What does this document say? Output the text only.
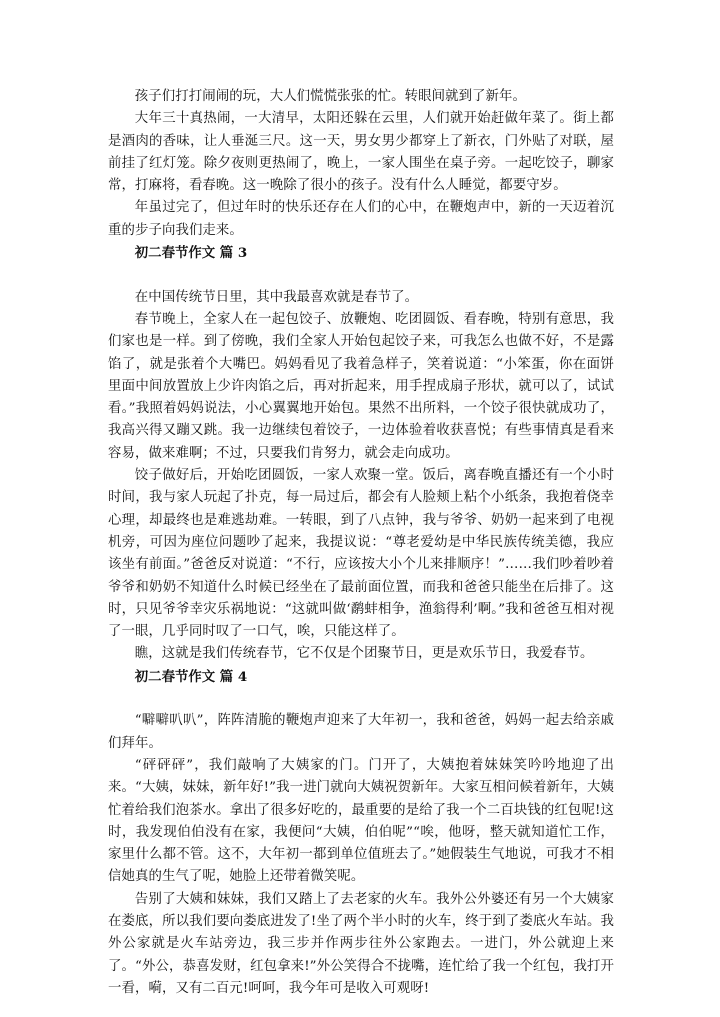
孩子们打打闹闹的玩，大人们慌慌张张的忙。转眼间就到了新年。

大年三十真热闹，一大清早，太阳还躲在云里，人们就开始赶做年菜了。街上都是酒肉的香味，让人垂涎三尺。这一天，男女男少都穿上了新衣，门外贴了对联，屋前挂了红灯笼。除夕夜则更热闹了，晚上，一家人围坐在桌子旁。一起吃饺子，聊家常，打麻将，看春晚。这一晚除了很小的孩子。没有什么人睡觉，都要守岁。

年虽过完了，但过年时的快乐还存在人们的心中，在鞭炮声中，新的一天迈着沉重的步子向我们走来。

初二春节作文 篇 3

在中国传统节日里，其中我最喜欢就是春节了。

春节晚上，全家人在一起包饺子、放鞭炮、吃团圆饭、看春晚，特别有意思，我们家也是一样。到了傍晚，我们全家人开始包起饺子来，可我怎么也做不好，不是露馅了，就是张着个大嘴巴。妈妈看见了我着急样子，笑着说道：“小笨蛋，你在面饼里面中间放置放上少许肉馅之后，再对折起来，用手捏成扇子形状，就可以了，试试看。”我照着妈妈说法，小心翼翼地开始包。果然不出所料，一个饺子很快就成功了，我高兴得又蹦又跳。我一边继续包着饺子，一边体验着收获喜悦；有些事情真是看来容易，做来难啊；不过，只要我们肯努力，就会走向成功。

饺子做好后，开始吃团圆饭，一家人欢聚一堂。饭后，离春晚直播还有一个小时时间，我与家人玩起了扑克，每一局过后，都会有人脸颊上粘个小纸条，我抱着侥幸心理，却最终也是难逃劫难。一转眼，到了八点钟，我与爷爷、奶奶一起来到了电视机旁，可因为座位问题吵了起来，我提议说：“尊老爱幼是中华民族传统美德，我应该坐有前面。”爸爸反对说道：“不行，应该按大小个儿来排顺序！”……我们吵着吵着爷爷和奶奶不知道什么时候已经坐在了最前面位置，而我和爸爸只能坐在后排了。这时，只见爷爷幸灾乐祸地说：“这就叫做‘鹬蚌相争，渔翁得利’啊。”我和爸爸互相对视了一眼，几乎同时叹了一口气，唉，只能这样了。

瞧，这就是我们传统春节，它不仅是个团聚节日，更是欢乐节日，我爱春节。

初二春节作文 篇 4

“噼噼叭叭”，阵阵清脆的鞭炮声迎来了大年初一，我和爸爸，妈妈一起去给亲戚们拜年。

“砰砰砰”，我们敲响了大姨家的门。门开了，大姨抱着妹妹笑吟吟地迎了出来。“大姨，妹妹，新年好!”我一进门就向大姨祝贺新年。大家互相问候着新年，大姨忙着给我们泡茶水。拿出了很多好吃的，最重要的是给了我一个二百块钱的红包呢!这时，我发现伯伯没有在家，我便问“大姨，伯伯呢”“唉，他呀，整天就知道忙工作，家里什么都不管。这不，大年初一都到单位值班去了。”她假装生气地说，可我才不相信她真的生气了呢，她脸上还带着微笑呢。

告别了大姨和妹妹，我们又踏上了去老家的火车。我外公外婆还有另一个大姨家在娄底，所以我们要向娄底进发了!坐了两个半小时的火车，终于到了娄底火车站。我外公家就是火车站旁边，我三步并作两步往外公家跑去。一进门，外公就迎上来了。“外公，恭喜发财，红包拿来!”外公笑得合不拢嘴，连忙给了我一个红包，我打开一看，嗬，又有二百元!呵呵，我今年可是收入可观呀!
